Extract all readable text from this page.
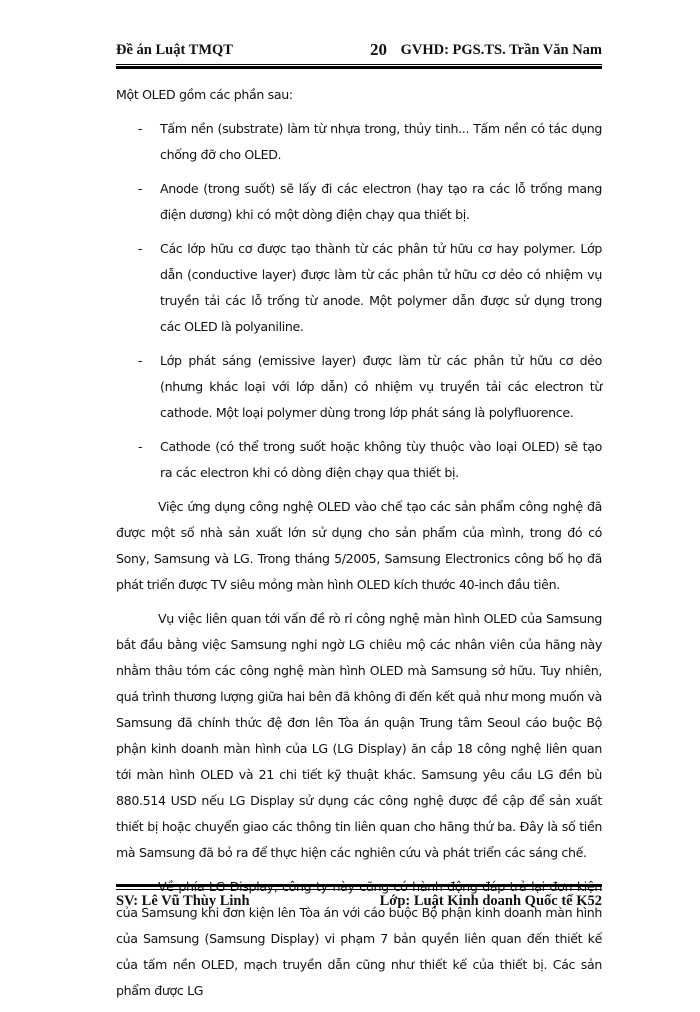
Đề án Luật TMQT	20 GVHD: PGS.TS. Trần Văn Nam

Một OLED gồm các phần sau:

- Tấm nền (substrate) làm từ nhựa trong, thủy tinh... Tấm nền có tác dụng chống đỡ cho OLED.
- Anode (trong suốt) sẽ lấy đi các electron (hay tạo ra các lỗ trống mang điện dương) khi có một dòng điện chạy qua thiết bị.
- Các lớp hữu cơ được tạo thành từ các phân tử hữu cơ hay polymer. Lớp dẫn (conductive layer) được làm từ các phân tử hữu cơ dẻo có nhiệm vụ truyền tải các lỗ trống từ anode. Một polymer dẫn được sử dụng trong các OLED là polyaniline.
- Lớp phát sáng (emissive layer) được làm từ các phân tử hữu cơ dẻo (nhưng khác loại với lớp dẫn) có nhiệm vụ truyền tải các electron từ cathode. Một loại polymer dùng trong lớp phát sáng là polyfluorence.
- Cathode (có thể trong suốt hoặc không tùy thuộc vào loại OLED) sẽ tạo ra các electron khi có dòng điện chạy qua thiết bị.

Việc ứng dụng công nghệ OLED vào chế tạo các sản phẩm công nghệ đã được một số nhà sản xuất lớn sử dụng cho sản phẩm của mình, trong đó có Sony, Samsung và LG. Trong tháng 5/2005, Samsung Electronics công bố họ đã phát triển được TV siêu mỏng màn hình OLED kích thước 40-inch đầu tiên.

Vụ việc liên quan tới vấn đề rò rỉ công nghệ màn hình OLED của Samsung bắt đầu bằng việc Samsung nghi ngờ LG chiêu mộ các nhân viên của hãng này nhằm thâu tóm các công nghệ màn hình OLED mà Samsung sở hữu. Tuy nhiên, quá trình thương lượng giữa hai bên đã không đi đến kết quả như mong muốn và Samsung đã chính thức đệ đơn lên Tòa án quận Trung tâm Seoul cáo buộc Bộ phận kinh doanh màn hình của LG (LG Display) ăn cắp 18 công nghệ liên quan tới màn hình OLED và 21 chi tiết kỹ thuật khác. Samsung yêu cầu LG đền bù 880.514 USD nếu LG Display sử dụng các công nghệ được đề cập để sản xuất thiết bị hoặc chuyển giao các thông tin liên quan cho hãng thứ ba. Đây là số tiền mà Samsung đã bỏ ra để thực hiện các nghiên cứu và phát triển các sáng chế.

của Samsung khi đơn kiện lên Tòa án với cáo buộc Bộ phận kinh doanh màn hình của Samsung (Samsung Display) vi phạm 7 bản quyền liên quan đến thiết kế của tấm nền OLED, mạch truyền dẫn cũng như thiết kế của thiết bị. Các sản phẩm được LG

SV: Lê Vũ Thùy Linh	Lớp: Luật Kinh doanh Quốc tế K52
